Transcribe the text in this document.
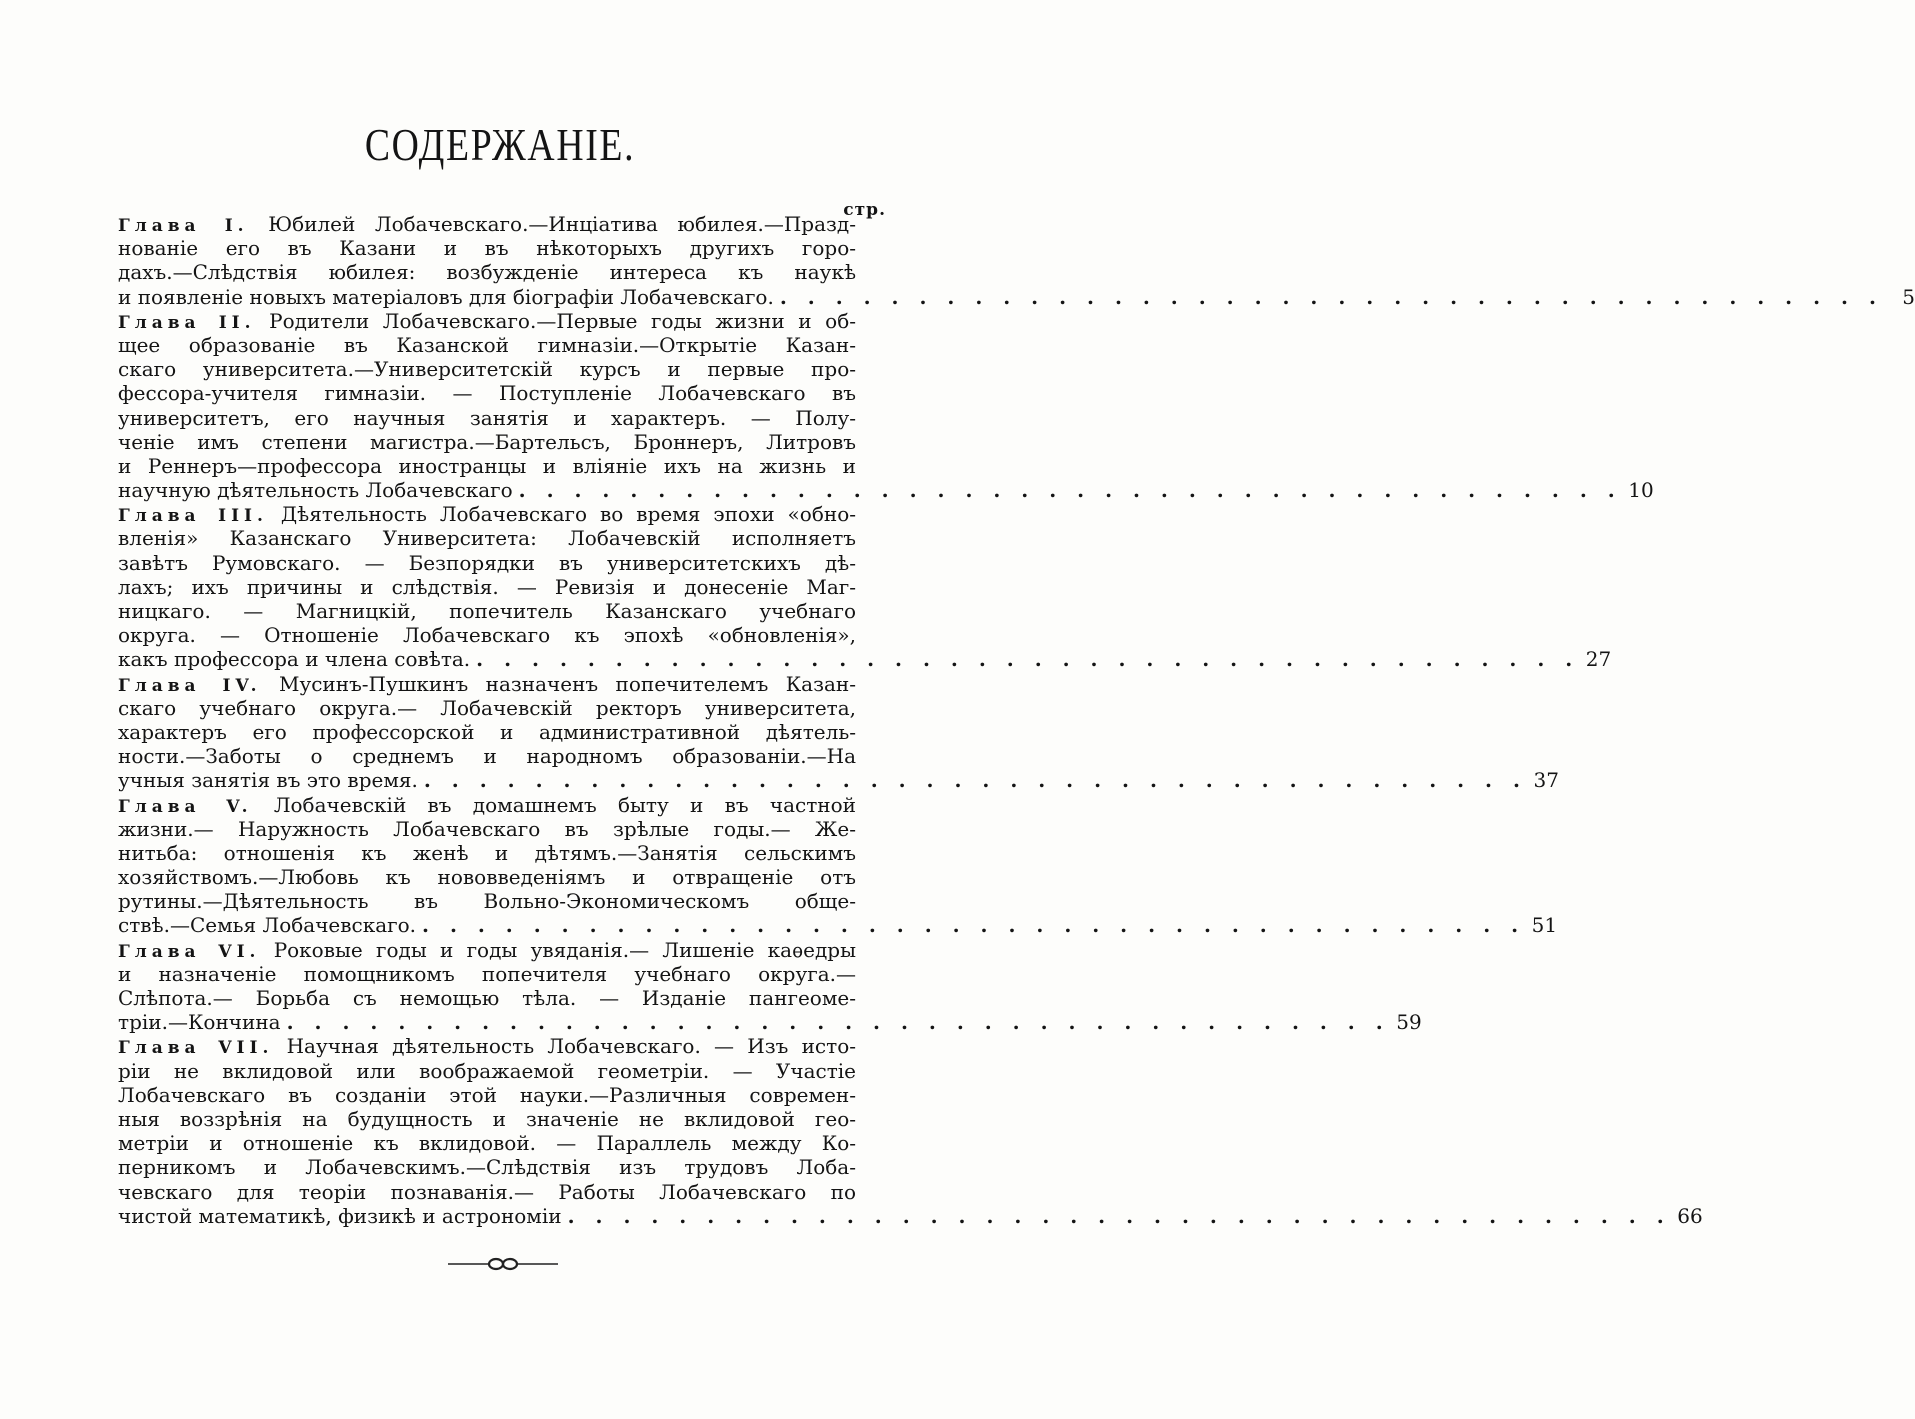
СОДЕРЖАНІЕ.
стр.
Глава I. Юбилей Лобачевскаго.—Инціатива юбилея.—Празд-
нованіе его въ Казани и въ нѣкоторыхъ другихъ горо-
дахъ.—Слѣдствія юбилея: возбужденіе интереса къ наукѣ
и появленіе новыхъ матеріаловъ для біографіи Лобачевскаго. . . . . . . . . . . . . . . . . . . . . . . . . . . . . . . . . . . . . . . . . 5
Глава II. Родители Лобачевскаго.—Первые годы жизни и об-
щее образованіе въ Казанской гимназіи.—Открытіе Казан-
скаго университета.—Университетскій курсъ и первые про-
фессора-учителя гимназіи. — Поступленіе Лобачевскаго въ
университетъ, его научныя занятія и характеръ. — Полу-
ченіе имъ степени магистра.—Бартельсъ, Броннеръ, Литровъ
и Реннеръ—профессора иностранцы и вліяніе ихъ на жизнь и
научную дѣятельность Лобачевскаго . . . . . . . . . . . . . . . . . . . . . . . . . . . . . . . . . . . . . . . . 10
Глава III. Дѣятельность Лобачевскаго во время эпохи «обно-
вленія» Казанскаго Университета: Лобачевскій исполняетъ
завѣтъ Румовскаго. — Безпорядки въ университетскихъ дѣ-
лахъ; ихъ причины и слѣдствія. — Ревизія и донесеніе Маг-
ницкаго. — Магницкій, попечитель Казанскаго учебнаго
округа. — Отношеніе Лобачевскаго къ эпохѣ «обновленія»,
какъ профессора и члена совѣта. . . . . . . . . . . . . . . . . . . . . . . . . . . . . . . . . . . . . . . . . 27
Глава IV. Мусинъ-Пушкинъ назначенъ попечителемъ Казан-
скаго учебнаго округа.— Лобачевскій ректоръ университета,
характеръ его профессорской и административной дѣятель-
ности.—Заботы о среднемъ и народномъ образованіи.—На
учныя занятія въ это время. . . . . . . . . . . . . . . . . . . . . . . . . . . . . . . . . . . . . . . . . 37
Глава V. Лобачевскій въ домашнемъ быту и въ частной
жизни.— Наружность Лобачевскаго въ зрѣлые годы.— Же-
нитьба: отношенія къ женѣ и дѣтямъ.—Занятія сельскимъ
хозяйствомъ.—Любовь къ нововведеніямъ и отвращеніе отъ
рутины.—Дѣятельность въ Вольно-Экономическомъ обще-
ствѣ.—Семья Лобачевскаго. . . . . . . . . . . . . . . . . . . . . . . . . . . . . . . . . . . . . . . . . 51
Глава VI. Роковые годы и годы увяданія.— Лишеніе каѳедры
и назначеніе помощникомъ попечителя учебнаго округа.—
Слѣпота.— Борьба съ немощью тѣла. — Изданіе пангеоме-
тріи.—Кончина . . . . . . . . . . . . . . . . . . . . . . . . . . . . . . . . . . . . . . . . 59
Глава VII. Научная дѣятельность Лобачевскаго. — Изъ исто-
ріи не вклидовой или воображаемой геометріи. — Участіе
Лобачевскаго въ созданіи этой науки.—Различныя современ-
ныя воззрѣнія на будущность и значеніе не вклидовой гео-
метріи и отношеніе къ вклидовой. — Параллель между Ко-
перникомъ и Лобачевскимъ.—Слѣдствія изъ трудовъ Лоба-
чевскаго для теоріи познаванія.— Работы Лобачевскаго по
чистой математикѣ, физикѣ и астрономіи . . . . . . . . . . . . . . . . . . . . . . . . . . . . . . . . . . . . . . . . 66
